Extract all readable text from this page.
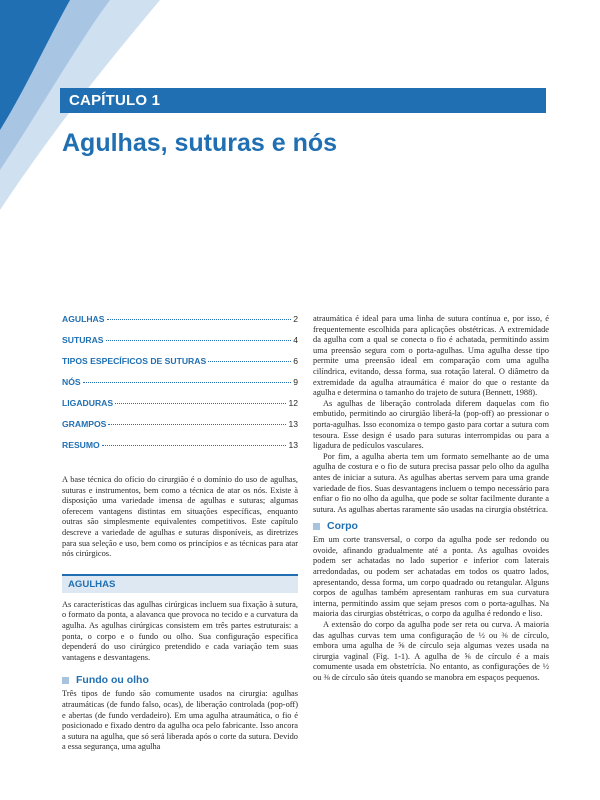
CAPÍTULO 1
Agulhas, suturas e nós
AGULHAS	2
SUTURAS	4
TIPOS ESPECÍFICOS DE SUTURAS	6
NÓS	9
LIGADURAS	12
GRAMPOS	13
RESUMO	13

A base técnica do ofício do cirurgião é o domínio do uso de agulhas, suturas e instrumentos, bem como a técnica de atar os nós. Existe à disposição uma variedade imensa de agulhas e suturas; algumas oferecem vantagens distintas em situações específicas, enquanto outras são simplesmente equivalentes competitivos. Este capítulo descreve a variedade de agulhas e suturas disponíveis, as diretrizes para sua seleção e uso, bem como os princípios e as técnicas para atar nós cirúrgicos.

AGULHAS

As características das agulhas cirúrgicas incluem sua fixação à sutura, o formato da ponta, a alavanca que provoca no tecido e a curvatura da agulha. As agulhas cirúrgicas consistem em três partes estruturais: a ponta, o corpo e o fundo ou olho. Sua configuração específica dependerá do uso cirúrgico pretendido e cada variação tem suas vantagens e desvantagens.

Fundo ou olho

Três tipos de fundo são comumente usados na cirurgia: agulhas atraumáticas (de fundo falso, ocas), de liberação controlada (pop-off) e abertas (de fundo verdadeiro). Em uma agulha atraumática, o fio é posicionado e fixado dentro da agulha oca pelo fabricante. Isso ancora a sutura na agulha, que só será liberada após o corte da sutura. Devido a essa segurança, uma agulha

atraumática é ideal para uma linha de sutura contínua e, por isso, é frequentemente escolhida para aplicações obstétricas. A extremidade da agulha com a qual se conecta o fio é achatada, permitindo assim uma preensão segura com o porta-agulhas. Uma agulha desse tipo permite uma preensão ideal em comparação com uma agulha cilíndrica, evitando, dessa forma, sua rotação lateral. O diâmetro da extremidade da agulha atraumática é maior do que o restante da agulha e determina o tamanho do trajeto de sutura (Bennett, 1988).

As agulhas de liberação controlada diferem daquelas com fio embutido, permitindo ao cirurgião liberá-la (pop-off) ao pressionar o porta-agulhas. Isso economiza o tempo gasto para cortar a sutura com tesoura. Esse design é usado para suturas interrompidas ou para a ligadura de pedículos vasculares.

Por fim, a agulha aberta tem um formato semelhante ao de uma agulha de costura e o fio de sutura precisa passar pelo olho da agulha antes de iniciar a sutura. As agulhas abertas servem para uma grande variedade de fios. Suas desvantagens incluem o tempo necessário para enfiar o fio no olho da agulha, que pode se soltar facilmente durante a sutura. As agulhas abertas raramente são usadas na cirurgia obstétrica.

Corpo

Em um corte transversal, o corpo da agulha pode ser redondo ou ovoide, afinando gradualmente até a ponta. As agulhas ovoides podem ser achatadas no lado superior e inferior com laterais arredondadas, ou podem ser achatadas em todos os quatro lados, apresentando, dessa forma, um corpo quadrado ou retangular. Alguns corpos de agulhas também apresentam ranhuras em sua curvatura interna, permitindo assim que sejam presos com o porta-agulhas. Na maioria das cirurgias obstétricas, o corpo da agulha é redondo e liso.

A extensão do corpo da agulha pode ser reta ou curva. A maioria das agulhas curvas tem uma configuração de ½ ou ⅜ de círculo, embora uma agulha de ⅝ de círculo seja algumas vezes usada na cirurgia vaginal (Fig. 1-1). A agulha de ⅝ de círculo é a mais comumente usada em obstetrícia. No entanto, as configurações de ½ ou ⅜ de círculo são úteis quando se manobra em espaços pequenos.
